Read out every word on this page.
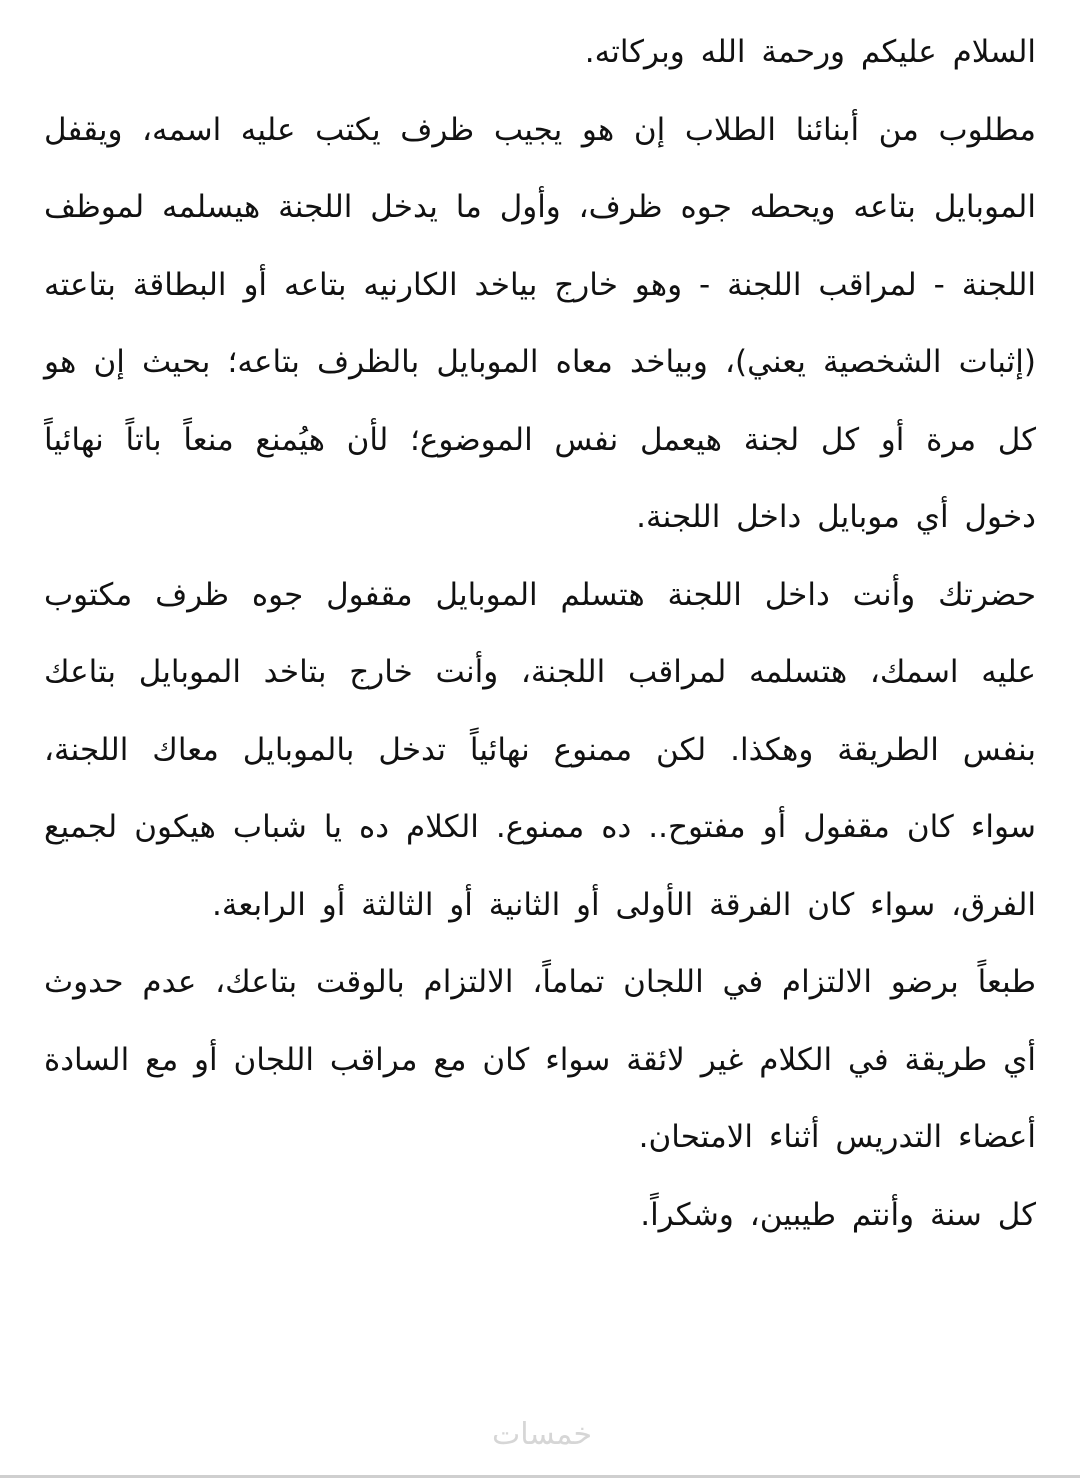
السلام عليكم ورحمة الله وبركاته.

مطلوب من أبنائنا الطلاب إن هو يجيب ظرف يكتب عليه اسمه، ويقفل الموبايل بتاعه ويحطه جوه ظرف، وأول ما يدخل اللجنة هيسلمه لموظف اللجنة - لمراقب اللجنة - وهو خارج بياخد الكارنيه بتاعه أو البطاقة بتاعته (إثبات الشخصية يعني)، وبياخد معاه الموبايل بالظرف بتاعه؛ بحيث إن هو كل مرة أو كل لجنة هيعمل نفس الموضوع؛ لأن هيُمنع منعاً باتاً نهائياً دخول أي موبايل داخل اللجنة.

حضرتك وأنت داخل اللجنة هتسلم الموبايل مقفول جوه ظرف مكتوب عليه اسمك، هتسلمه لمراقب اللجنة، وأنت خارج بتاخد الموبايل بتاعك بنفس الطريقة وهكذا. لكن ممنوع نهائياً تدخل بالموبايل معاك اللجنة، سواء كان مقفول أو مفتوح.. ده ممنوع. الكلام ده يا شباب هيكون لجميع الفرق، سواء كان الفرقة الأولى أو الثانية أو الثالثة أو الرابعة.

طبعاً برضو الالتزام في اللجان تماماً، الالتزام بالوقت بتاعك، عدم حدوث أي طريقة في الكلام غير لائقة سواء كان مع مراقب اللجان أو مع السادة أعضاء التدريس أثناء الامتحان.

كل سنة وأنتم طيبين، وشكراً.

خمسات
